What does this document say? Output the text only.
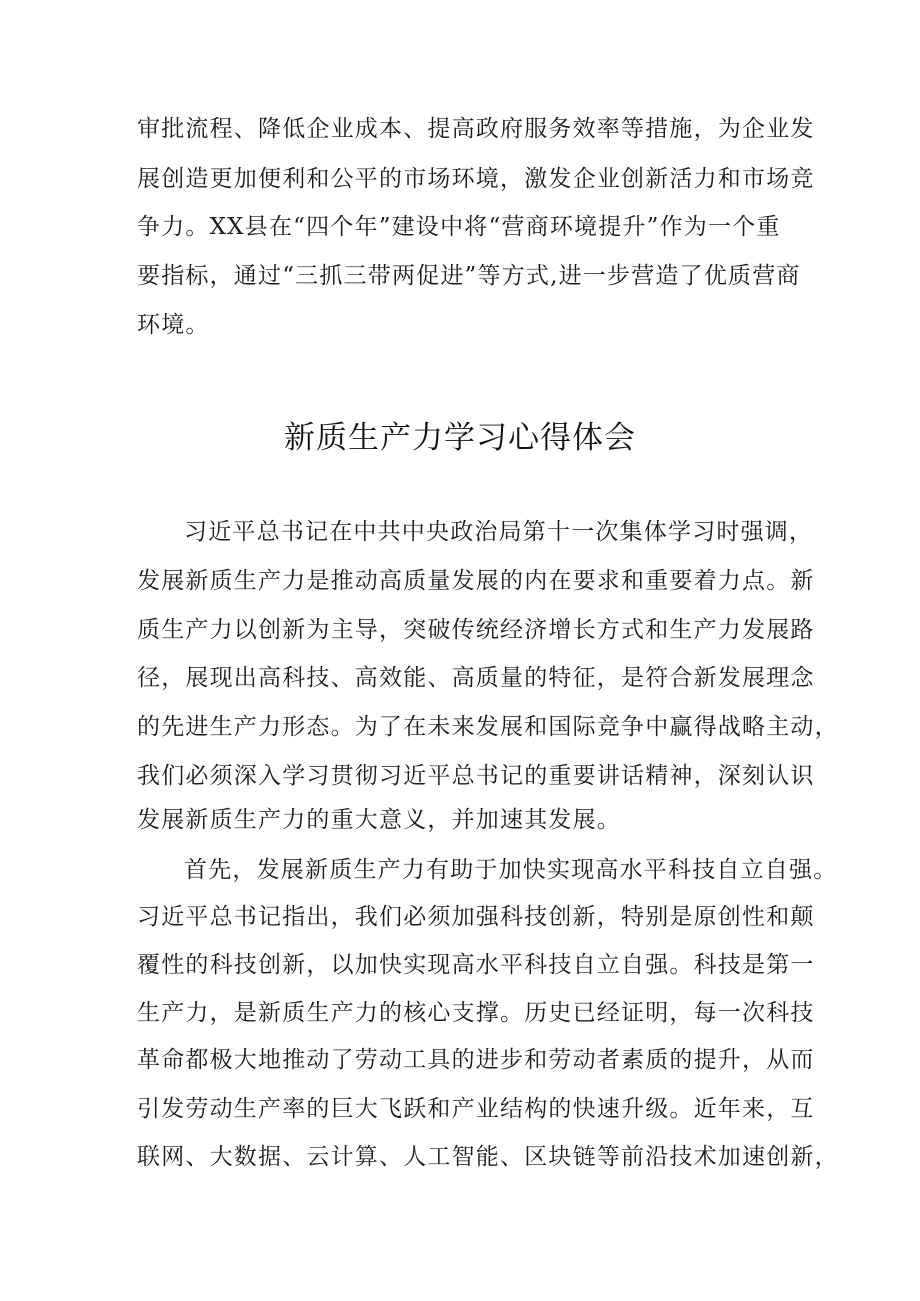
审批流程、降低企业成本、提高政府服务效率等措施，为企业发

展创造更加便利和公平的市场环境，激发企业创新活力和市场竞

争力。XX县在“四个年”建设中将“营商环境提升”作为一个重

要指标，通过“三抓三带两促进”等方式,进一步营造了优质营商

环境。

新质生产力学习心得体会

习近平总书记在中共中央政治局第十一次集体学习时强调，

发展新质生产力是推动高质量发展的内在要求和重要着力点。新

质生产力以创新为主导，突破传统经济增长方式和生产力发展路

径，展现出高科技、高效能、高质量的特征，是符合新发展理念

的先进生产力形态。为了在未来发展和国际竞争中赢得战略主动，

我们必须深入学习贯彻习近平总书记的重要讲话精神，深刻认识

发展新质生产力的重大意义，并加速其发展。

首先，发展新质生产力有助于加快实现高水平科技自立自强。

习近平总书记指出，我们必须加强科技创新，特别是原创性和颠

覆性的科技创新，以加快实现高水平科技自立自强。科技是第一

生产力，是新质生产力的核心支撑。历史已经证明，每一次科技

革命都极大地推动了劳动工具的进步和劳动者素质的提升，从而

引发劳动生产率的巨大飞跃和产业结构的快速升级。近年来，互

联网、大数据、云计算、人工智能、区块链等前沿技术加速创新，
